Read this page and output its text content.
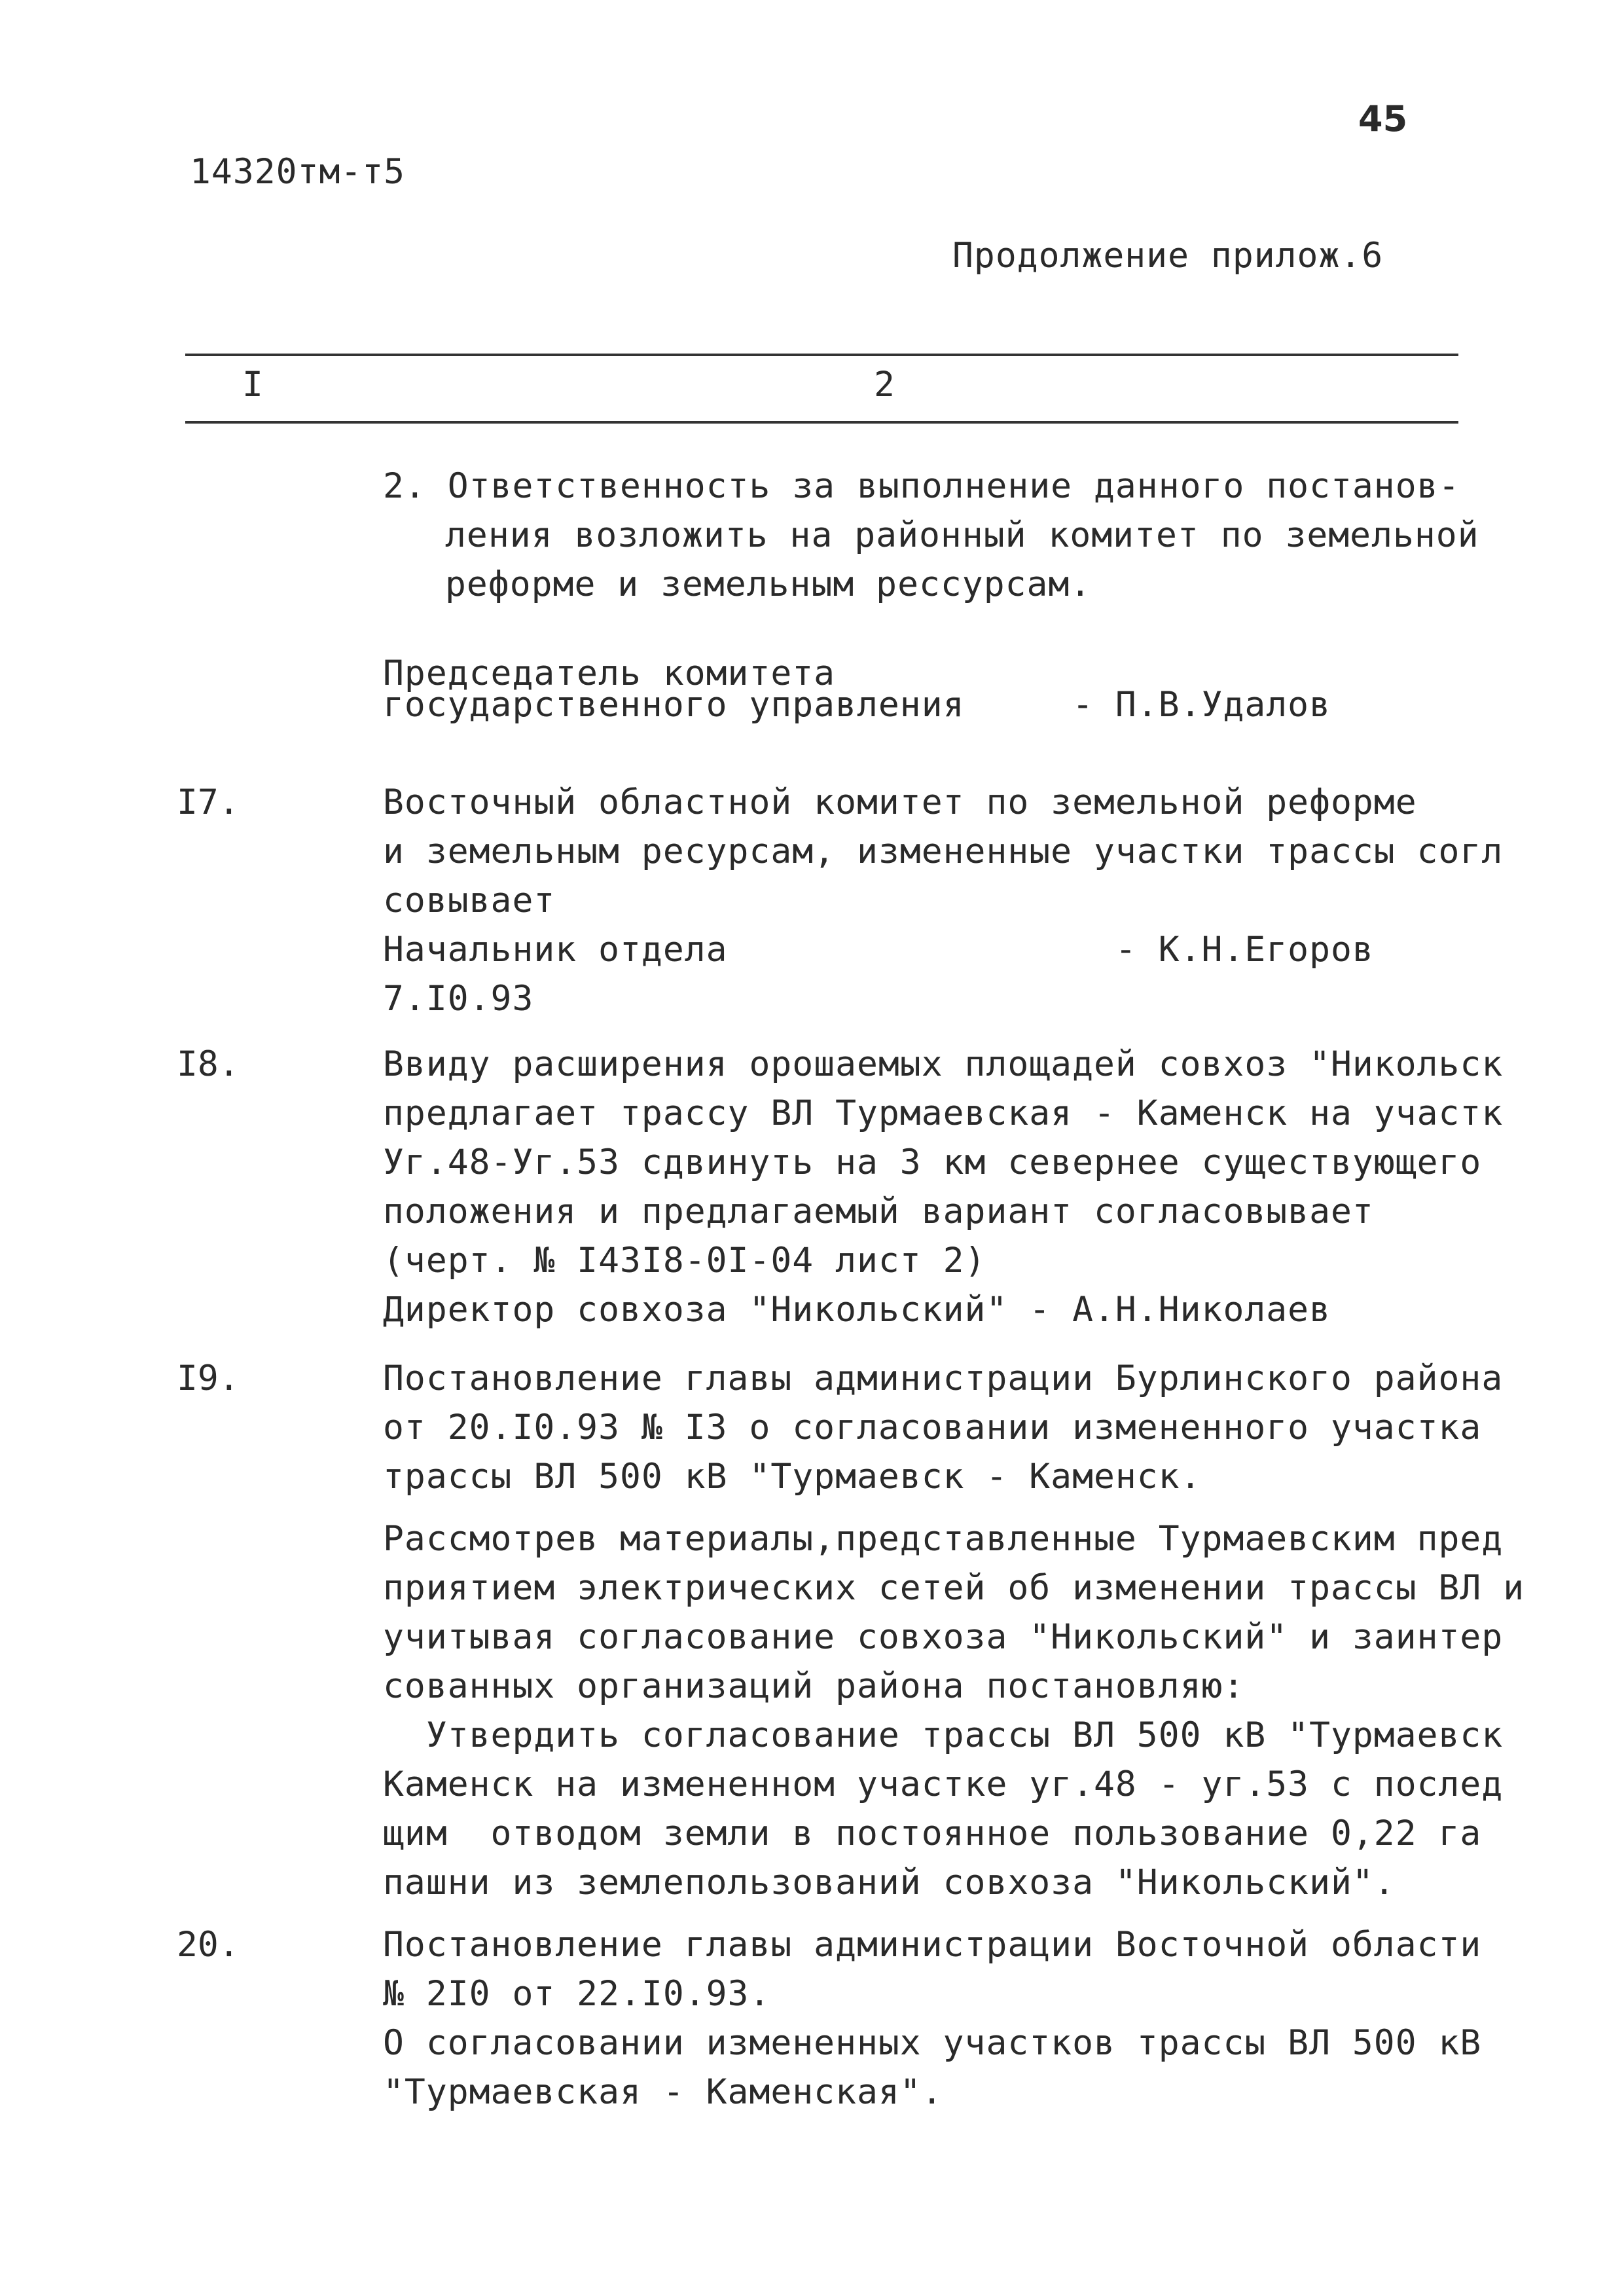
14320тм-т5
45
Продолжение прилож.6
I	2
2. Ответственность за выполнение данного постанов-
ления возложить на районный комитет по земельной
реформе и земельным рессурсам.
Председатель комитета
государственного управления     - П.В.Удалов
I7.	Восточный областной комитет по земельной реформе
и земельным ресурсам, измененные участки трассы согл
совывает
Начальник отдела                  - К.Н.Егоров
7.I0.93
I8.	Ввиду расширения орошаемых площадей совхоз "Никольск
предлагает трассу ВЛ Турмаевская - Каменск на участк
Уг.48-Уг.53 сдвинуть на 3 км севернее существующего
положения и предлагаемый вариант согласовывает
(черт. № I43I8-0I-04 лист 2)
Директор совхоза "Никольский" - А.Н.Николаев
I9.	Постановление главы администрации Бурлинского района
от 20.I0.93 № I3 о согласовании измененного участка
трассы ВЛ 500 кВ "Турмаевск - Каменск.
Рассмотрев материалы,представленные Турмаевским пред
приятием электрических сетей об изменении трассы ВЛ и
учитывая согласование совхоза "Никольский" и заинтер
сованных организаций района постановляю:
Утвердить согласование трассы ВЛ 500 кВ "Турмаевск
Каменск на измененном участке уг.48 - уг.53 с послед
щим  отводом земли в постоянное пользование 0,22 га
пашни из землепользований совхоза "Никольский".
20.	Постановление главы администрации Восточной области
№ 2I0 от 22.I0.93.
О согласовании измененных участков трассы ВЛ 500 кВ
"Турмаевская - Каменская".
